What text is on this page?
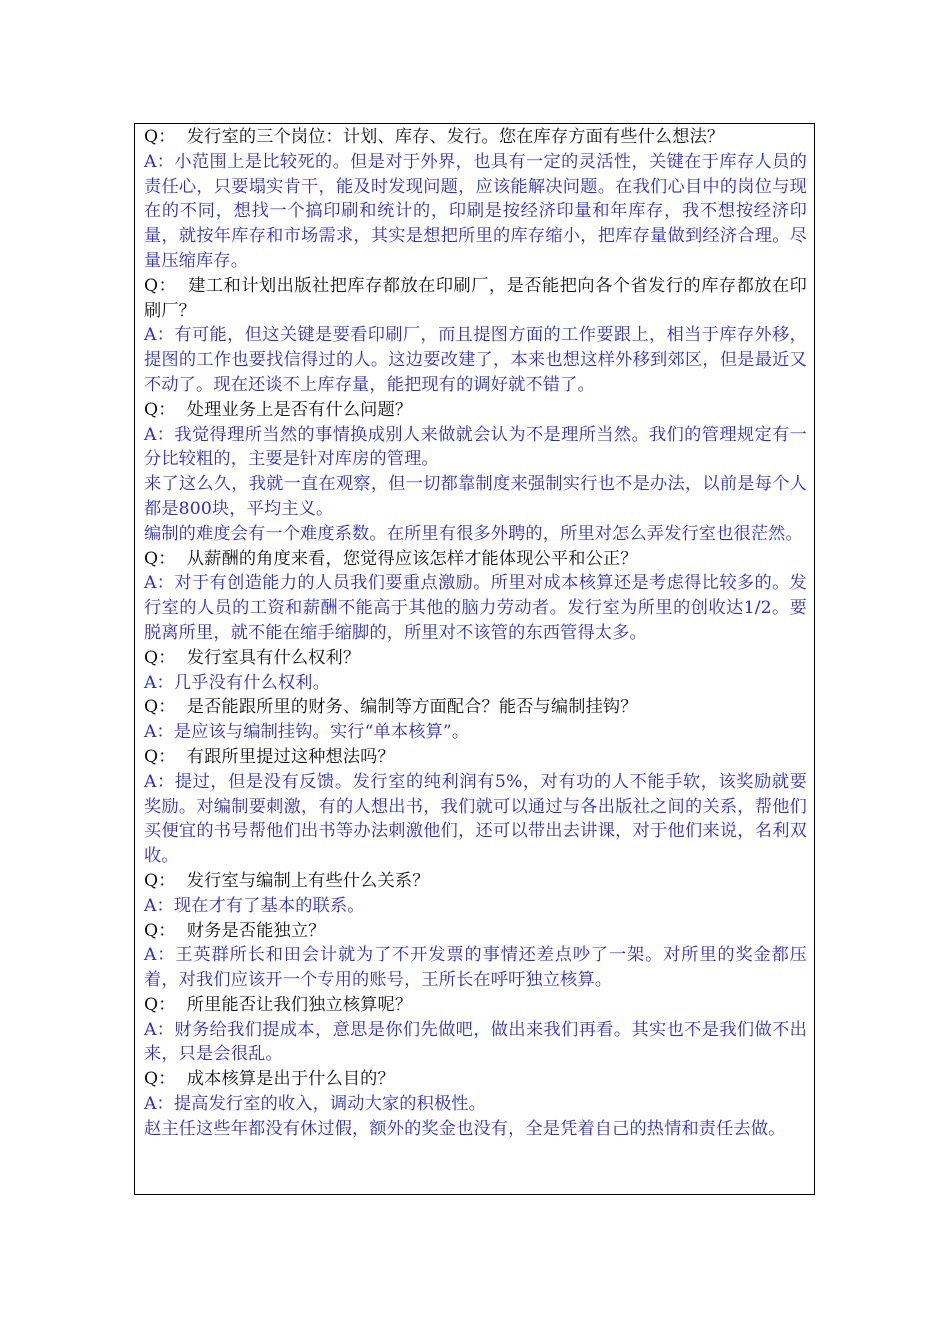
Q：  发行室的三个岗位：计划、库存、发行。您在库存方面有些什么想法？

A：小范围上是比较死的。但是对于外界，也具有一定的灵活性，关键在于库存人员的责任心，只要塌实肯干，能及时发现问题，应该能解决问题。在我们心目中的岗位与现在的不同，想找一个搞印刷和统计的，印刷是按经济印量和年库存，我不想按经济印量，就按年库存和市场需求，其实是想把所里的库存缩小，把库存量做到经济合理。尽量压缩库存。

Q：  建工和计划出版社把库存都放在印刷厂，是否能把向各个省发行的库存都放在印刷厂？

A：有可能，但这关键是要看印刷厂，而且提图方面的工作要跟上，相当于库存外移，提图的工作也要找信得过的人。这边要改建了，本来也想这样外移到郊区，但是最近又不动了。现在还谈不上库存量，能把现有的调好就不错了。

Q：  处理业务上是否有什么问题？

A：我觉得理所当然的事情换成别人来做就会认为不是理所当然。我们的管理规定有一分比较粗的，主要是针对库房的管理。

来了这么久，我就一直在观察，但一切都靠制度来强制实行也不是办法，以前是每个人都是800块，平均主义。

编制的难度会有一个难度系数。在所里有很多外聘的，所里对怎么弄发行室也很茫然。

Q：  从薪酬的角度来看，您觉得应该怎样才能体现公平和公正？

A：对于有创造能力的人员我们要重点激励。所里对成本核算还是考虑得比较多的。发行室的人员的工资和薪酬不能高于其他的脑力劳动者。发行室为所里的创收达1/2。要脱离所里，就不能在缩手缩脚的，所里对不该管的东西管得太多。

Q：  发行室具有什么权利？

A：几乎没有什么权利。

Q：  是否能跟所里的财务、编制等方面配合？能否与编制挂钩？

A：是应该与编制挂钩。实行“单本核算”。

Q：  有跟所里提过这种想法吗？

A：提过，但是没有反馈。发行室的纯利润有5%，对有功的人不能手软，该奖励就要奖励。对编制要刺激，有的人想出书，我们就可以通过与各出版社之间的关系，帮他们买便宜的书号帮他们出书等办法刺激他们，还可以带出去讲课，对于他们来说，名利双收。

Q：  发行室与编制上有些什么关系？

A：现在才有了基本的联系。

Q：  财务是否能独立？

A：王英群所长和田会计就为了不开发票的事情还差点吵了一架。对所里的奖金都压着，对我们应该开一个专用的账号，王所长在呼吁独立核算。

Q：  所里能否让我们独立核算呢？

A：财务给我们提成本，意思是你们先做吧，做出来我们再看。其实也不是我们做不出来，只是会很乱。

Q：  成本核算是出于什么目的？

A：提高发行室的收入，调动大家的积极性。

赵主任这些年都没有休过假，额外的奖金也没有，全是凭着自己的热情和责任去做。
